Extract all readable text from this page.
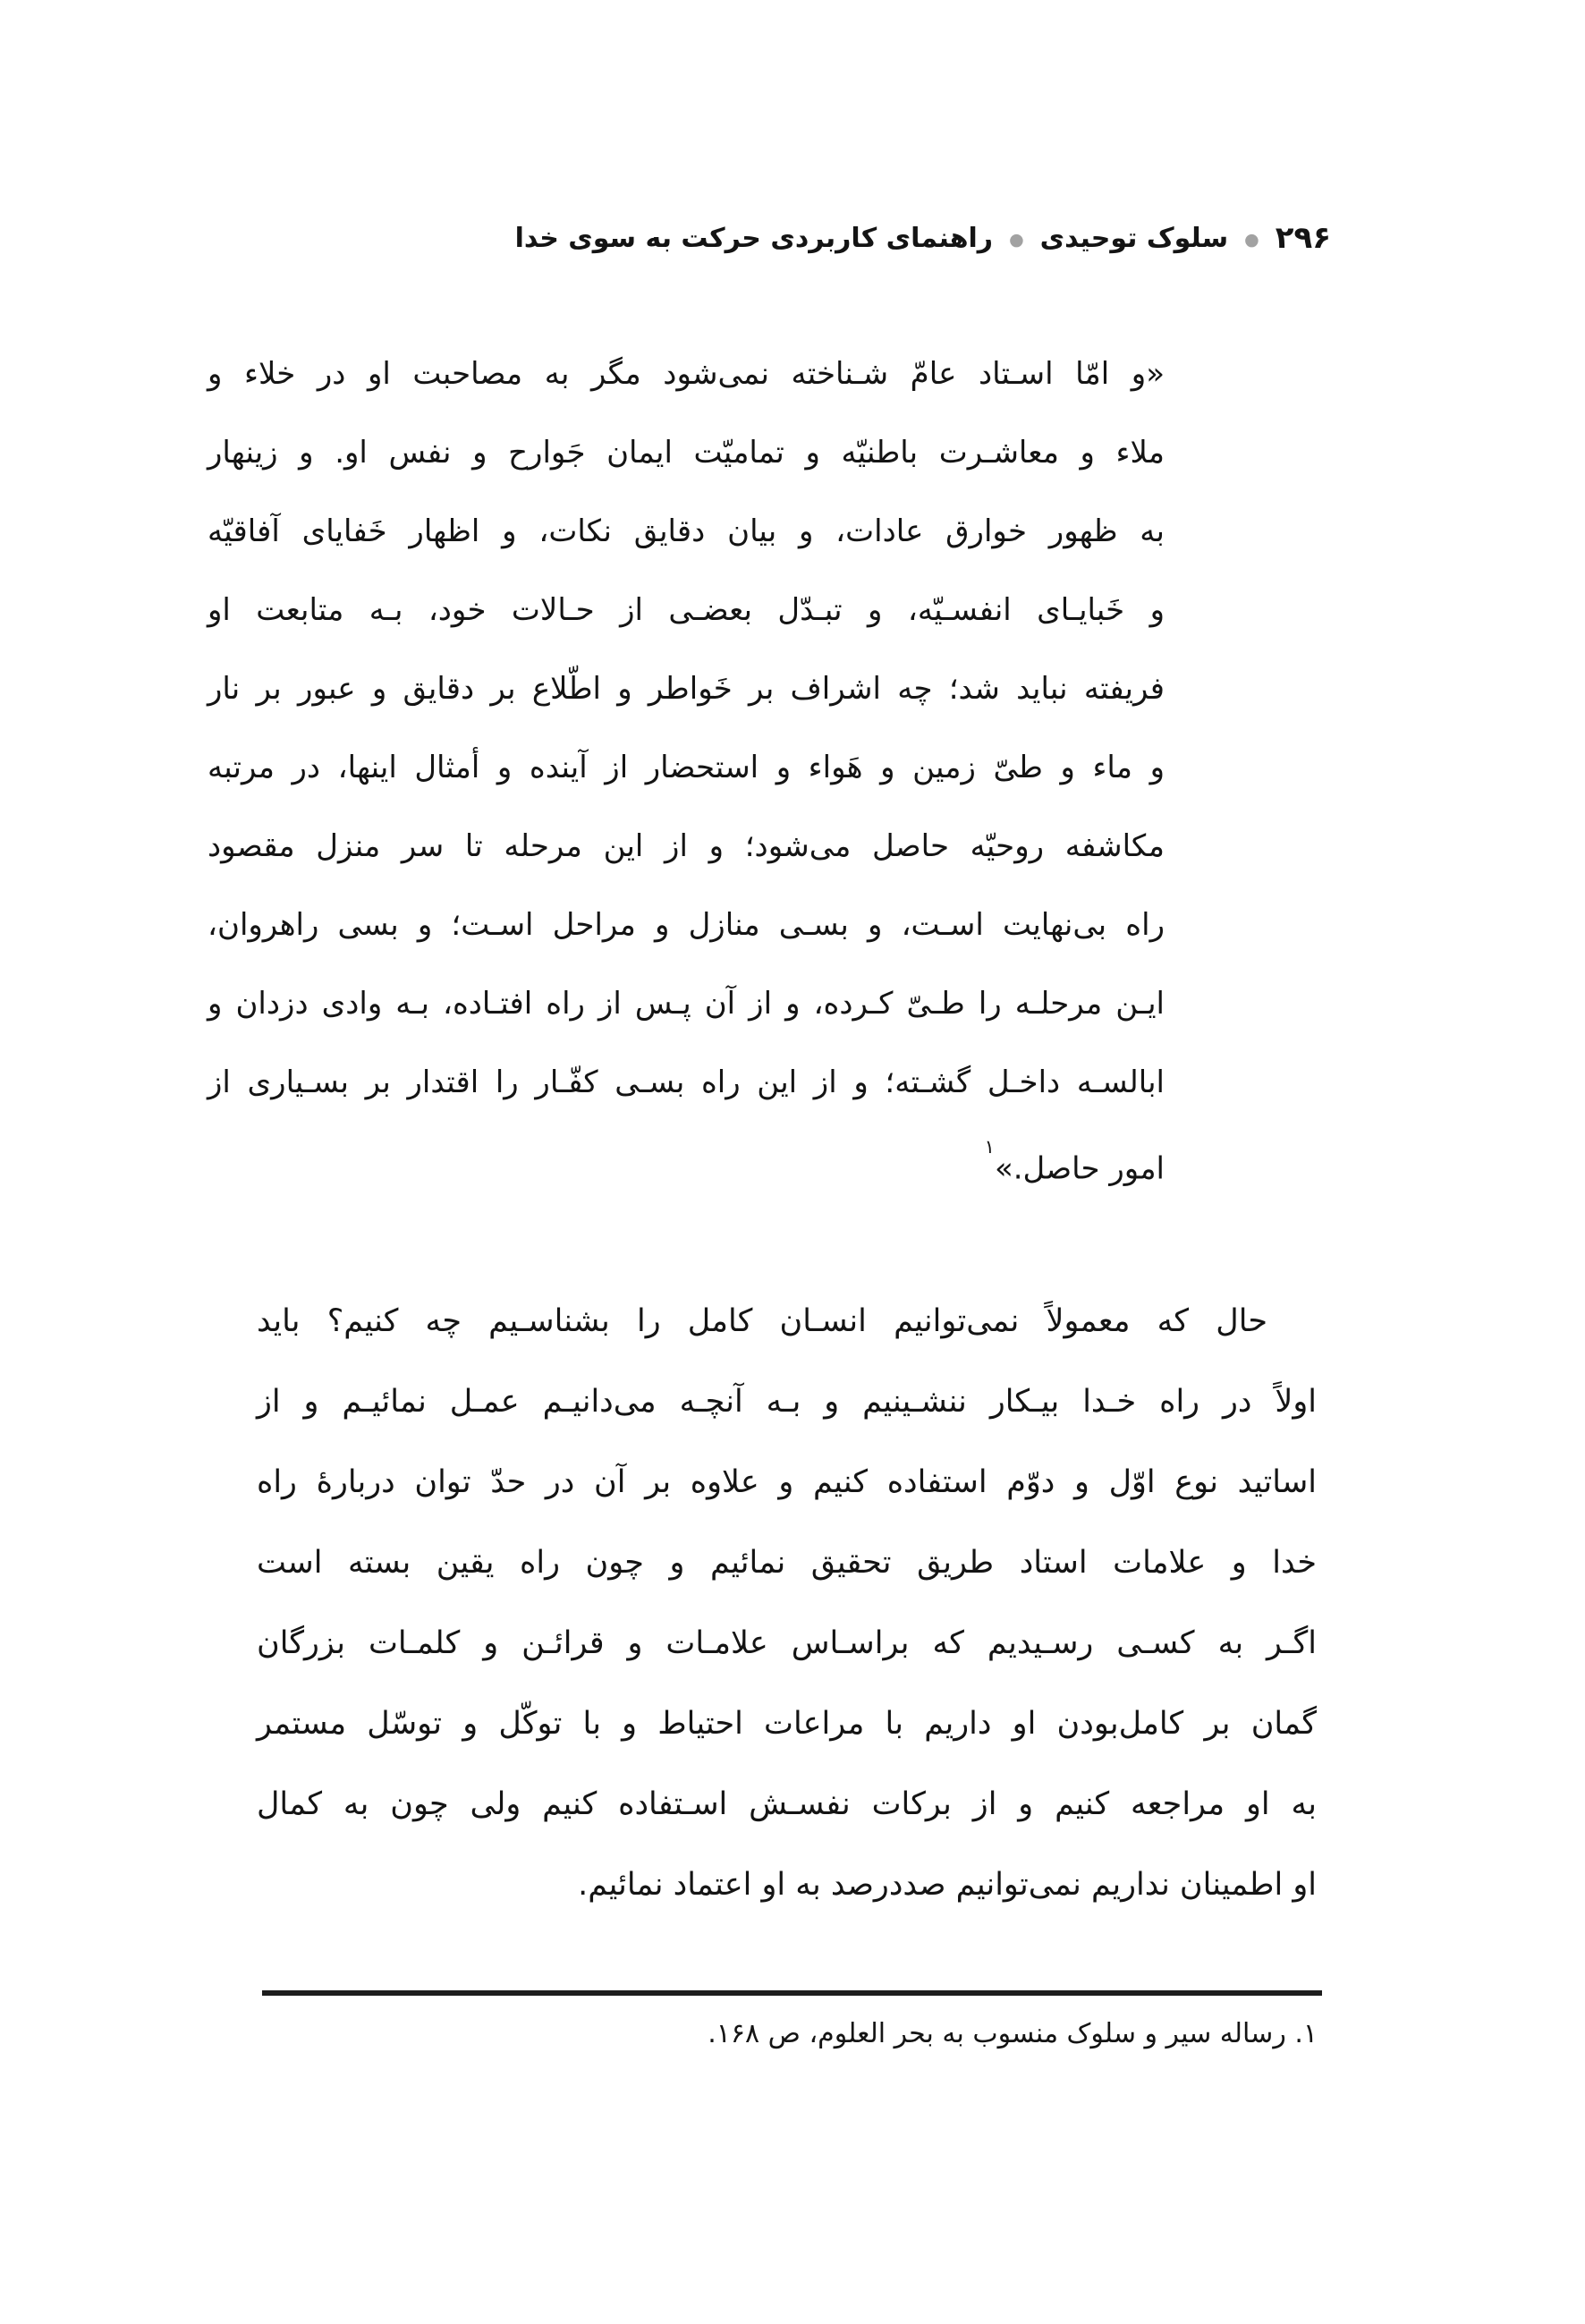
۲۹۶
●
سلوک توحیدی
●
راهنمای کاربردی حرکت به سوی خدا
«و امّا اسـتاد عامّ شـناخته نمی‌شود مگر به مصاحبت او در خلاء و
ملاء و معاشـرت باطنیّه و تمامیّت ایمان جَوارح و نفس او. و زینهار
به ظهور خوارق عادات، و بیان دقایق نکات، و اظهار خَفایای آفاقیّه
و خَبایـای انفسـیّه، و تبـدّل بعضـی از حـالات خود، بـه متابعت او
فریفته نباید شد؛ چه اشراف بر خَواطر و اطّلاع بر دقایق و عبور بر نار
و ماء و طیّ زمین و هَواء و استحضار از آینده و أمثال اینها، در مرتبه
مکاشفه روحیّه حاصل می‌شود؛ و از این مرحله تا سر منزل مقصود
راه بی‌نهایت اسـت، و بسـی منازل و مراحل اسـت؛ و بسی راهروان،
ایـن مرحلـه را طـیّ کـرده، و از آن پـس از راه افتـاده، بـه وادی دزدان و
ابالسـه داخـل گشـته؛ و از این راه بسـی کفّـار را اقتدار بر بسـیاری از
امور حاصل.»$^۱$
حال که معمولاً نمی‌توانیم انسـان کامل را بشناسـیم چه کنیم؟ باید
اولاً در راه خـدا بیـکار ننشـینیم و بـه آنچـه می‌دانیـم عمـل نمائیـم و از
اساتید نوع اوّل و دوّم استفاده کنیم و علاوه بر آن در حدّ توان دربارهٔ راه
خدا و علامات استاد طریق تحقیق نمائیم و چون راه یقین بسته است
اگـر به کسـی رسـیدیم که براسـاس علامـات و قرائـن و کلمـات بزرگان
گمان بر کامل‌بودن او داریم با مراعات احتیاط و با توکّل و توسّل مستمر
به او مراجعه کنیم و از برکات نفسـش اسـتفاده کنیم ولی چون به کمال
او اطمینان نداریم نمی‌توانیم صددرصد به او اعتماد نمائیم.
۱. رساله سیر و سلوک منسوب به بحر العلوم، ص ۱۶۸.
